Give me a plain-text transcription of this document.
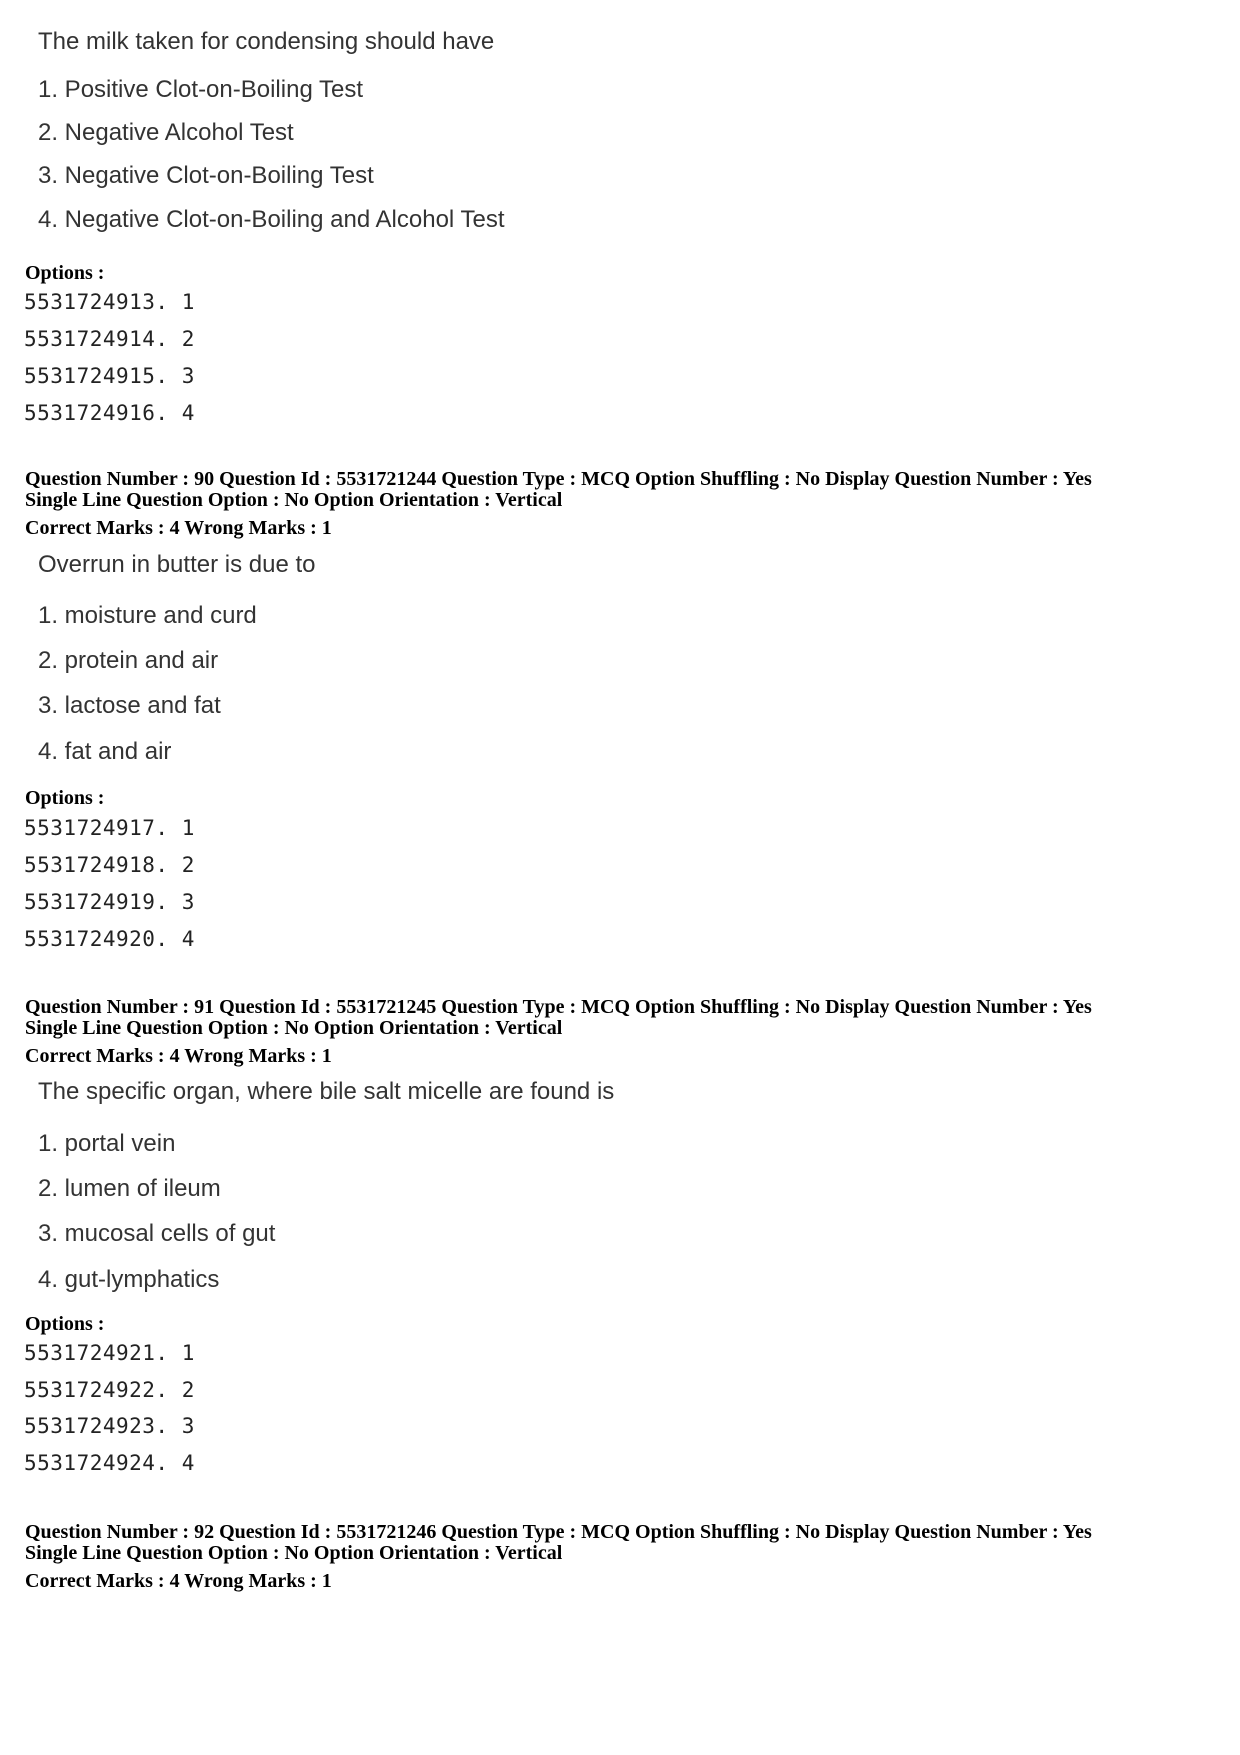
The milk taken for condensing should have

1. Positive Clot-on-Boiling Test
2. Negative Alcohol Test
3. Negative Clot-on-Boiling Test
4. Negative Clot-on-Boiling and Alcohol Test
Options :
5531724913. 1
5531724914. 2
5531724915. 3
5531724916. 4
Question Number : 90 Question Id : 5531721244 Question Type : MCQ Option Shuffling : No Display Question Number : Yes
Single Line Question Option : No Option Orientation : Vertical
Correct Marks : 4 Wrong Marks : 1

Overrun in butter is due to

1. moisture and curd
2. protein and air
3. lactose and fat
4. fat and air
Options :
5531724917. 1
5531724918. 2
5531724919. 3
5531724920. 4
Question Number : 91 Question Id : 5531721245 Question Type : MCQ Option Shuffling : No Display Question Number : Yes
Single Line Question Option : No Option Orientation : Vertical
Correct Marks : 4 Wrong Marks : 1

The specific organ, where bile salt micelle are found is

1. portal vein
2. lumen of ileum
3. mucosal cells of gut
4. gut-lymphatics
Options :
5531724921. 1
5531724922. 2
5531724923. 3
5531724924. 4
Question Number : 92 Question Id : 5531721246 Question Type : MCQ Option Shuffling : No Display Question Number : Yes
Single Line Question Option : No Option Orientation : Vertical
Correct Marks : 4 Wrong Marks : 1
